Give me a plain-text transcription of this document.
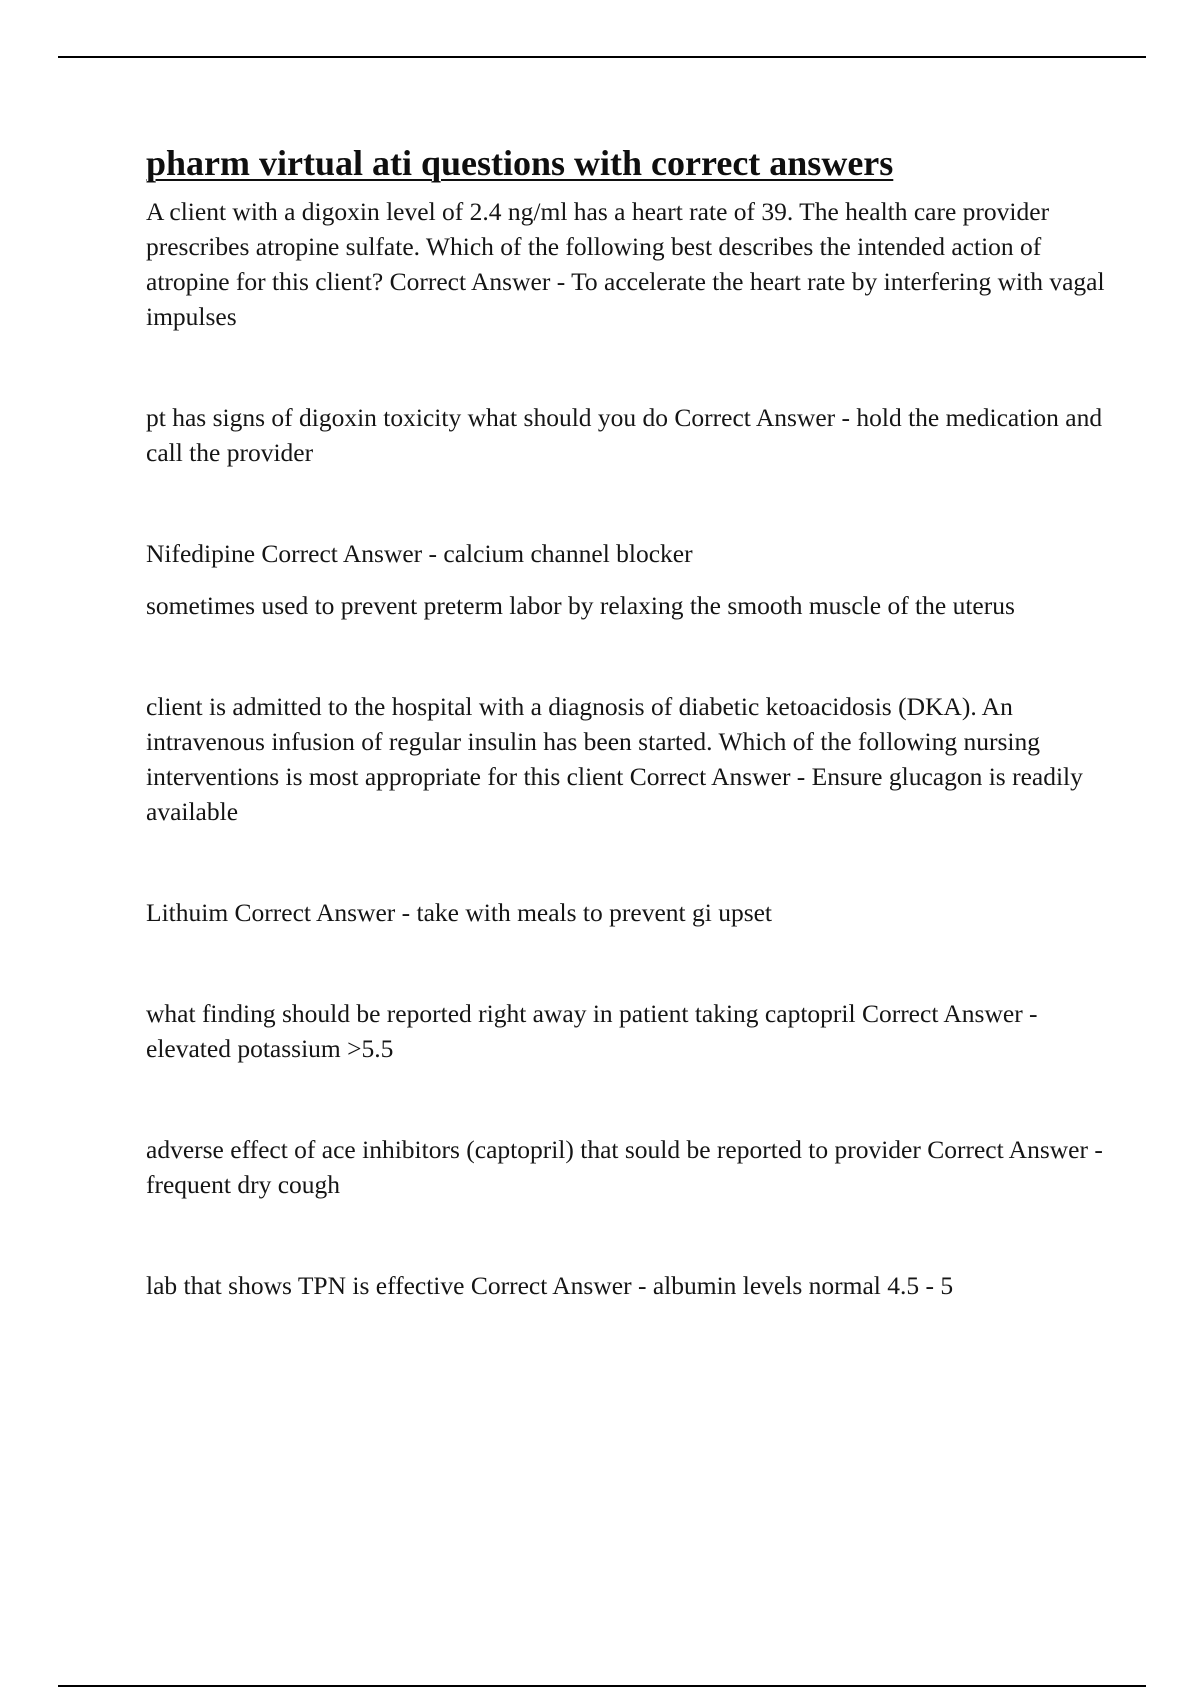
pharm virtual ati questions with correct answers

A client with a digoxin level of 2.4 ng/ml has a heart rate of 39. The health care provider prescribes atropine sulfate. Which of the following best describes the intended action of atropine for this client? Correct Answer - To accelerate the heart rate by interfering with vagal impulses

pt has signs of digoxin toxicity what should you do Correct Answer - hold the medication and call the provider

Nifedipine Correct Answer - calcium channel blocker

sometimes used to prevent preterm labor by relaxing the smooth muscle of the uterus

client is admitted to the hospital with a diagnosis of diabetic ketoacidosis (DKA). An intravenous infusion of regular insulin has been started. Which of the following nursing interventions is most appropriate for this client Correct Answer - Ensure glucagon is readily available

Lithuim Correct Answer - take with meals to prevent gi upset

what finding should be reported right away in patient taking captopril Correct Answer - elevated potassium >5.5

adverse effect of ace inhibitors (captopril) that sould be reported to provider Correct Answer - frequent dry cough

lab that shows TPN is effective Correct Answer - albumin levels normal 4.5 - 5
